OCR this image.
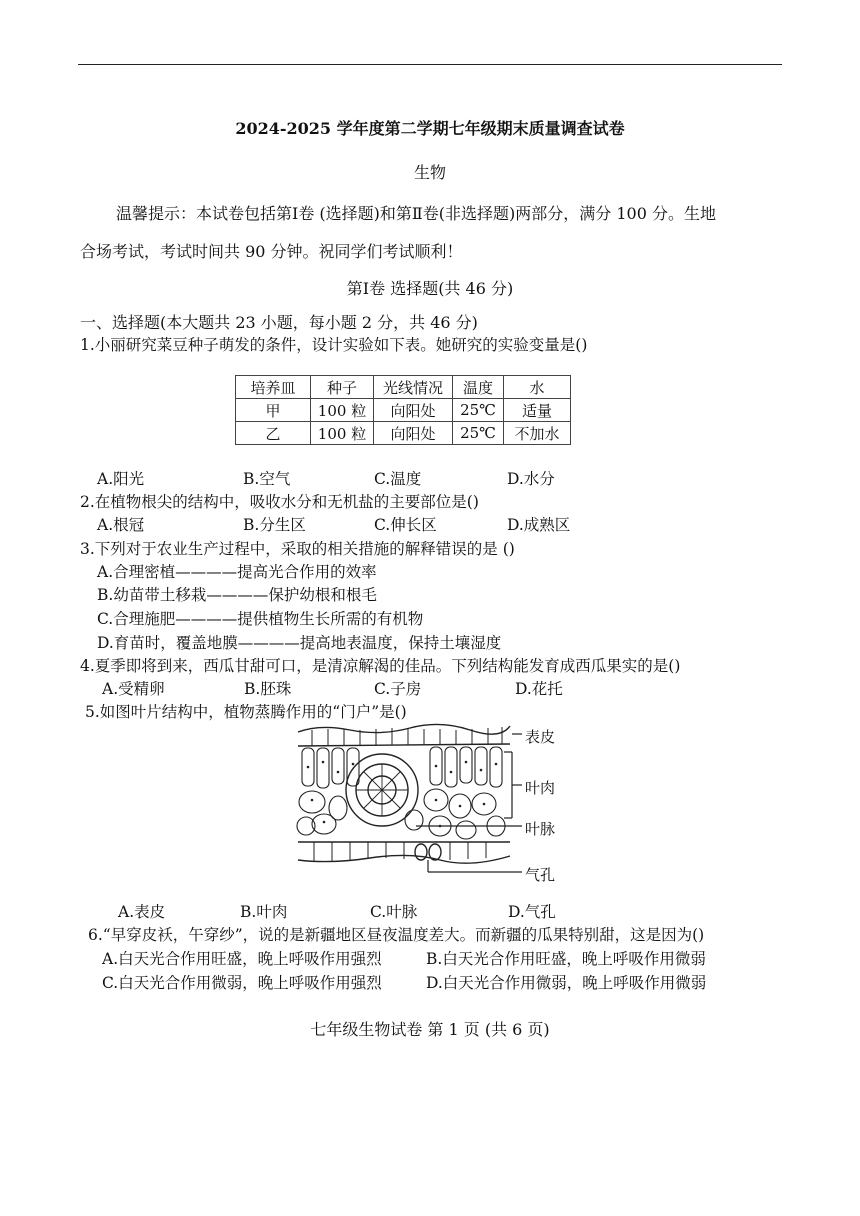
2024-2025 学年度第二学期七年级期末质量调查试卷
生物
温馨提示：本试卷包括第Ⅰ卷 (选择题)和第Ⅱ卷(非选择题)两部分，满分 100 分。生地
合场考试，考试时间共 90 分钟。祝同学们考试顺利！
第Ⅰ卷 选择题(共 46 分)
一、选择题(本大题共 23 小题，每小题 2 分，共 46 分)
1.小丽研究菜豆种子萌发的条件，设计实验如下表。她研究的实验变量是()
培养皿	种子	光线情况	温度	水
甲	100 粒	向阳处	25℃	适量
乙	100 粒	向阳处	25℃	不加水
A.阳光	B.空气	C.温度	D.水分
2.在植物根尖的结构中，吸收水分和无机盐的主要部位是()
A.根冠	B.分生区	C.伸长区	D.成熟区
3.下列对于农业生产过程中，采取的相关措施的解释错误的是 ()
A.合理密植————提高光合作用的效率
B.幼苗带土移栽————保护幼根和根毛
C.合理施肥————提供植物生长所需的有机物
D.育苗时，覆盖地膜————提高地表温度，保持土壤湿度
4.夏季即将到来，西瓜甘甜可口，是清凉解渴的佳品。下列结构能发育成西瓜果实的是()
A.受精卵	B.胚珠	C.子房	D.花托
5.如图叶片结构中，植物蒸腾作用的“门户”是()
表皮
叶肉
叶脉
气孔
A.表皮	B.叶肉	C.叶脉	D.气孔
6.“早穿皮袄，午穿纱”，说的是新疆地区昼夜温度差大。而新疆的瓜果特别甜，这是因为()
A.白天光合作用旺盛，晚上呼吸作用强烈	B.白天光合作用旺盛，晚上呼吸作用微弱
C.白天光合作用微弱，晚上呼吸作用强烈	D.白天光合作用微弱，晚上呼吸作用微弱
七年级生物试卷 第 1 页 (共 6 页)
